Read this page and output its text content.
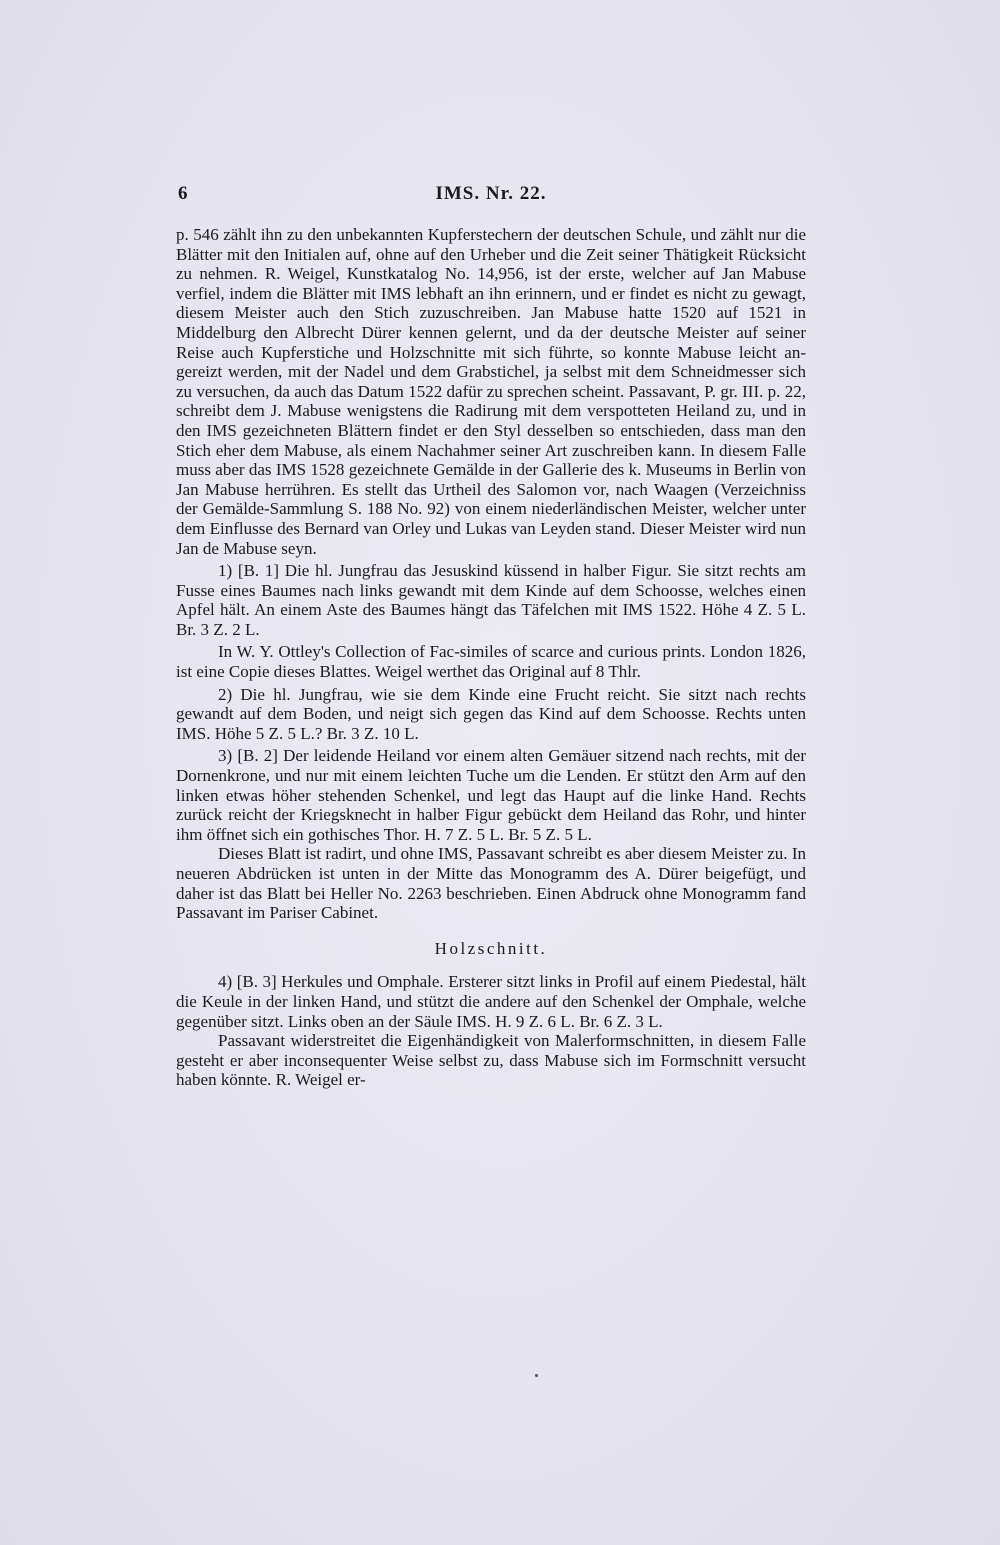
6	IMS. Nr. 22.

p. 546 zählt ihn zu den unbekannten Kupferstechern der deutschen Schule, und zählt nur die Blätter mit den Initialen auf, ohne auf den Urheber und die Zeit seiner Thätigkeit Rücksicht zu nehmen. R. Weigel, Kunstkatalog No. 14,956, ist der erste, welcher auf Jan Mabuse verfiel, indem die Blätter mit IMS lebhaft an ihn erinnern, und er findet es nicht zu gewagt, diesem Meister auch den Stich zuzuschreiben. Jan Mabuse hatte 1520 auf 1521 in Middelburg den Albrecht Dürer kennen gelernt, und da der deutsche Meister auf seiner Reise auch Kupferstiche und Holzschnitte mit sich führte, so konnte Mabuse leicht angereizt werden, mit der Nadel und dem Grabstichel, ja selbst mit dem Schneidmesser sich zu versuchen, da auch das Datum 1522 dafür zu sprechen scheint. Passavant, P. gr. III. p. 22, schreibt dem J. Mabuse wenigstens die Radirung mit dem verspotteten Heiland zu, und in den IMS gezeichneten Blättern findet er den Styl desselben so entschieden, dass man den Stich eher dem Mabuse, als einem Nachahmer seiner Art zuschreiben kann. In diesem Falle muss aber das IMS 1528 gezeichnete Gemälde in der Gallerie des k. Museums in Berlin von Jan Mabuse herrühren. Es stellt das Urtheil des Salomon vor, nach Waagen (Verzeichniss der Gemälde-Sammlung S. 188 No. 92) von einem niederländischen Meister, welcher unter dem Einflusse des Bernard van Orley und Lukas van Leyden stand. Dieser Meister wird nun Jan de Mabuse seyn.

1) [B. 1] Die hl. Jungfrau das Jesuskind küssend in halber Figur. Sie sitzt rechts am Fusse eines Baumes nach links gewandt mit dem Kinde auf dem Schoosse, welches einen Apfel hält. An einem Aste des Baumes hängt das Täfelchen mit IMS 1522. Höhe 4 Z. 5 L. Br. 3 Z. 2 L.

In W. Y. Ottley's Collection of Fac-similes of scarce and curious prints. London 1826, ist eine Copie dieses Blattes. Weigel werthet das Original auf 8 Thlr.

2) Die hl. Jungfrau, wie sie dem Kinde eine Frucht reicht. Sie sitzt nach rechts gewandt auf dem Boden, und neigt sich gegen das Kind auf dem Schoosse. Rechts unten IMS. Höhe 5 Z. 5 L.? Br. 3 Z. 10 L.

3) [B. 2] Der leidende Heiland vor einem alten Gemäuer sitzend nach rechts, mit der Dornenkrone, und nur mit einem leichten Tuche um die Lenden. Er stützt den Arm auf den linken etwas höher stehenden Schenkel, und legt das Haupt auf die linke Hand. Rechts zurück reicht der Kriegsknecht in halber Figur gebückt dem Heiland das Rohr, und hinter ihm öffnet sich ein gothisches Thor. H. 7 Z. 5 L. Br. 5 Z. 5 L.

Dieses Blatt ist radirt, und ohne IMS, Passavant schreibt es aber diesem Meister zu. In neueren Abdrücken ist unten in der Mitte das Monogramm des A. Dürer beigefügt, und daher ist das Blatt bei Heller No. 2263 beschrieben. Einen Abdruck ohne Monogramm fand Passavant im Pariser Cabinet.

Holzschnitt.

4) [B. 3] Herkules und Omphale. Ersterer sitzt links in Profil auf einem Piedestal, hält die Keule in der linken Hand, und stützt die andere auf den Schenkel der Omphale, welche gegenüber sitzt. Links oben an der Säule IMS. H. 9 Z. 6 L. Br. 6 Z. 3 L.

Passavant widerstreitet die Eigenhändigkeit von Malerformschnitten, in diesem Falle gesteht er aber inconsequenter Weise selbst zu, dass Mabuse sich im Formschnitt versucht haben könnte. R. Weigel er-
